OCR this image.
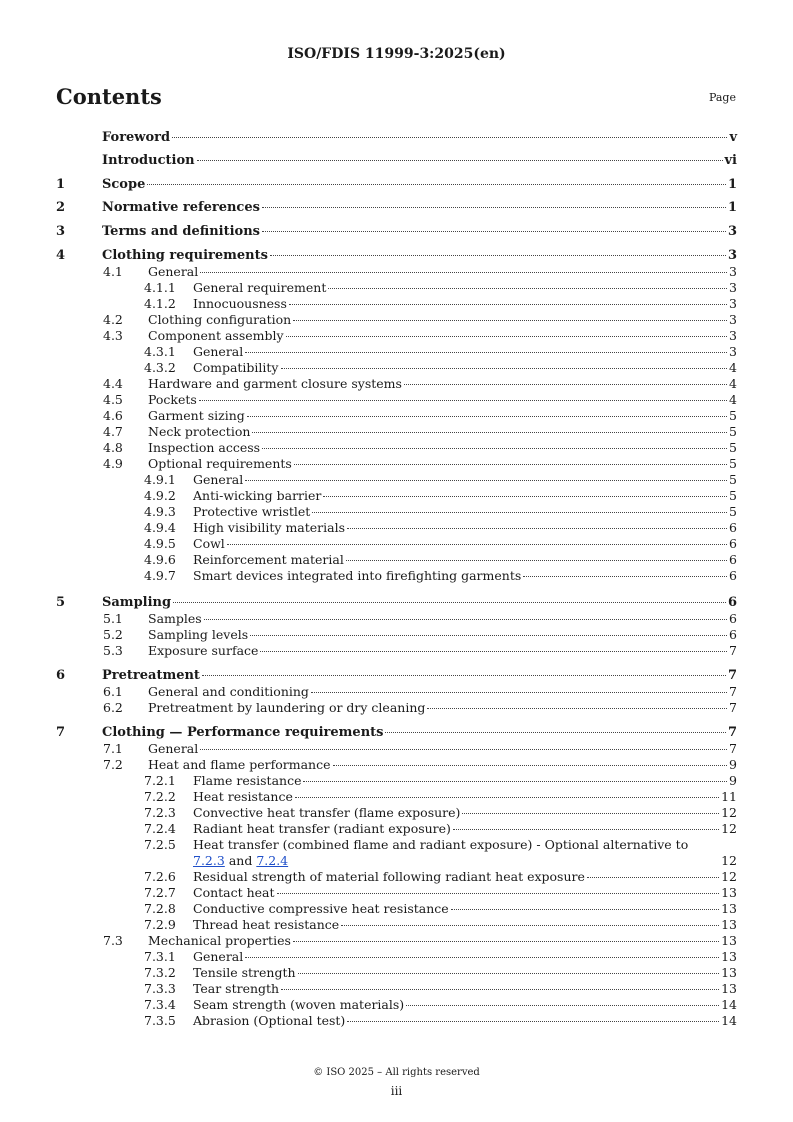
ISO/FDIS 11999-3:2025(en)
Contents	Page
Foreword	v
Introduction	vi
1	Scope	1
2	Normative references	1
3	Terms and definitions	3
4	Clothing requirements	3
4.1	General	3
4.1.1	General requirement	3
4.1.2	Innocuousness	3
4.2	Clothing configuration	3
4.3	Component assembly	3
4.3.1	General	3
4.3.2	Compatibility	4
4.4	Hardware and garment closure systems	4
4.5	Pockets	4
4.6	Garment sizing	5
4.7	Neck protection	5
4.8	Inspection access	5
4.9	Optional requirements	5
4.9.1	General	5
4.9.2	Anti-wicking barrier	5
4.9.3	Protective wristlet	5
4.9.4	High visibility materials	6
4.9.5	Cowl	6
4.9.6	Reinforcement material	6
4.9.7	Smart devices integrated into firefighting garments	6
5	Sampling	6
5.1	Samples	6
5.2	Sampling levels	6
5.3	Exposure surface	7
6	Pretreatment	7
6.1	General and conditioning	7
6.2	Pretreatment by laundering or dry cleaning	7
7	Clothing — Performance requirements	7
7.1	General	7
7.2	Heat and flame performance	9
7.2.1	Flame resistance	9
7.2.2	Heat resistance	11
7.2.3	Convective heat transfer (flame exposure)	12
7.2.4	Radiant heat transfer (radiant exposure)	12
7.2.5	Heat transfer (combined flame and radiant exposure) - Optional alternative to
7.2.3 and 7.2.4	12
7.2.6	Residual strength of material following radiant heat exposure	12
7.2.7	Contact heat	13
7.2.8	Conductive compressive heat resistance	13
7.2.9	Thread heat resistance	13
7.3	Mechanical properties	13
7.3.1	General	13
7.3.2	Tensile strength	13
7.3.3	Tear strength	13
7.3.4	Seam strength (woven materials)	14
7.3.5	Abrasion (Optional test)	14
© ISO 2025 – All rights reserved
iii
